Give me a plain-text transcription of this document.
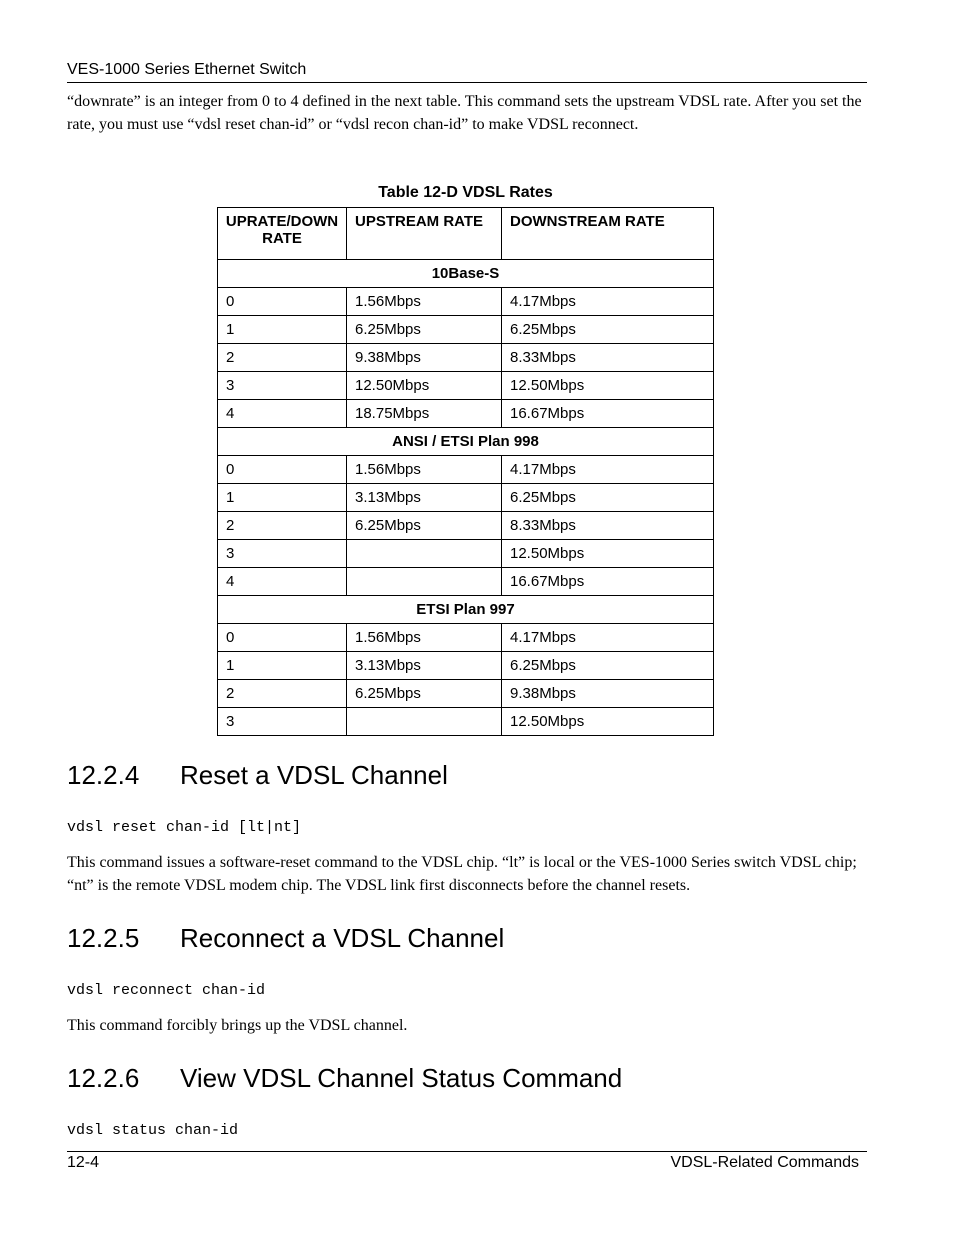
VES-1000 Series Ethernet Switch
“downrate” is an integer from 0 to 4 defined in the next table. This command sets the upstream VDSL rate. After you set the rate, you must use “vdsl reset chan-id” or “vdsl recon chan-id” to make VDSL reconnect.
Table 12-D VDSL Rates
UPRATE/DOWN RATE	UPSTREAM RATE	DOWNSTREAM RATE
10Base-S		
0	1.56Mbps	4.17Mbps
1	6.25Mbps	6.25Mbps
2	9.38Mbps	8.33Mbps
3	12.50Mbps	12.50Mbps
4	18.75Mbps	16.67Mbps
ANSI / ETSI Plan 998		
0	1.56Mbps	4.17Mbps
1	3.13Mbps	6.25Mbps
2	6.25Mbps	8.33Mbps
3		12.50Mbps
4		16.67Mbps
ETSI Plan 997		
0	1.56Mbps	4.17Mbps
1	3.13Mbps	6.25Mbps
2	6.25Mbps	9.38Mbps
3		12.50Mbps
12.2.4 Reset a VDSL Channel
vdsl reset chan-id [lt|nt]
This command issues a software-reset command to the VDSL chip. “lt” is local or the VES-1000 Series switch VDSL chip; “nt” is the remote VDSL modem chip. The VDSL link first disconnects before the channel resets.
12.2.5 Reconnect a VDSL Channel
vdsl reconnect chan-id
This command forcibly brings up the VDSL channel.
12.2.6 View VDSL Channel Status Command
vdsl status chan-id
12-4	VDSL-Related Commands
